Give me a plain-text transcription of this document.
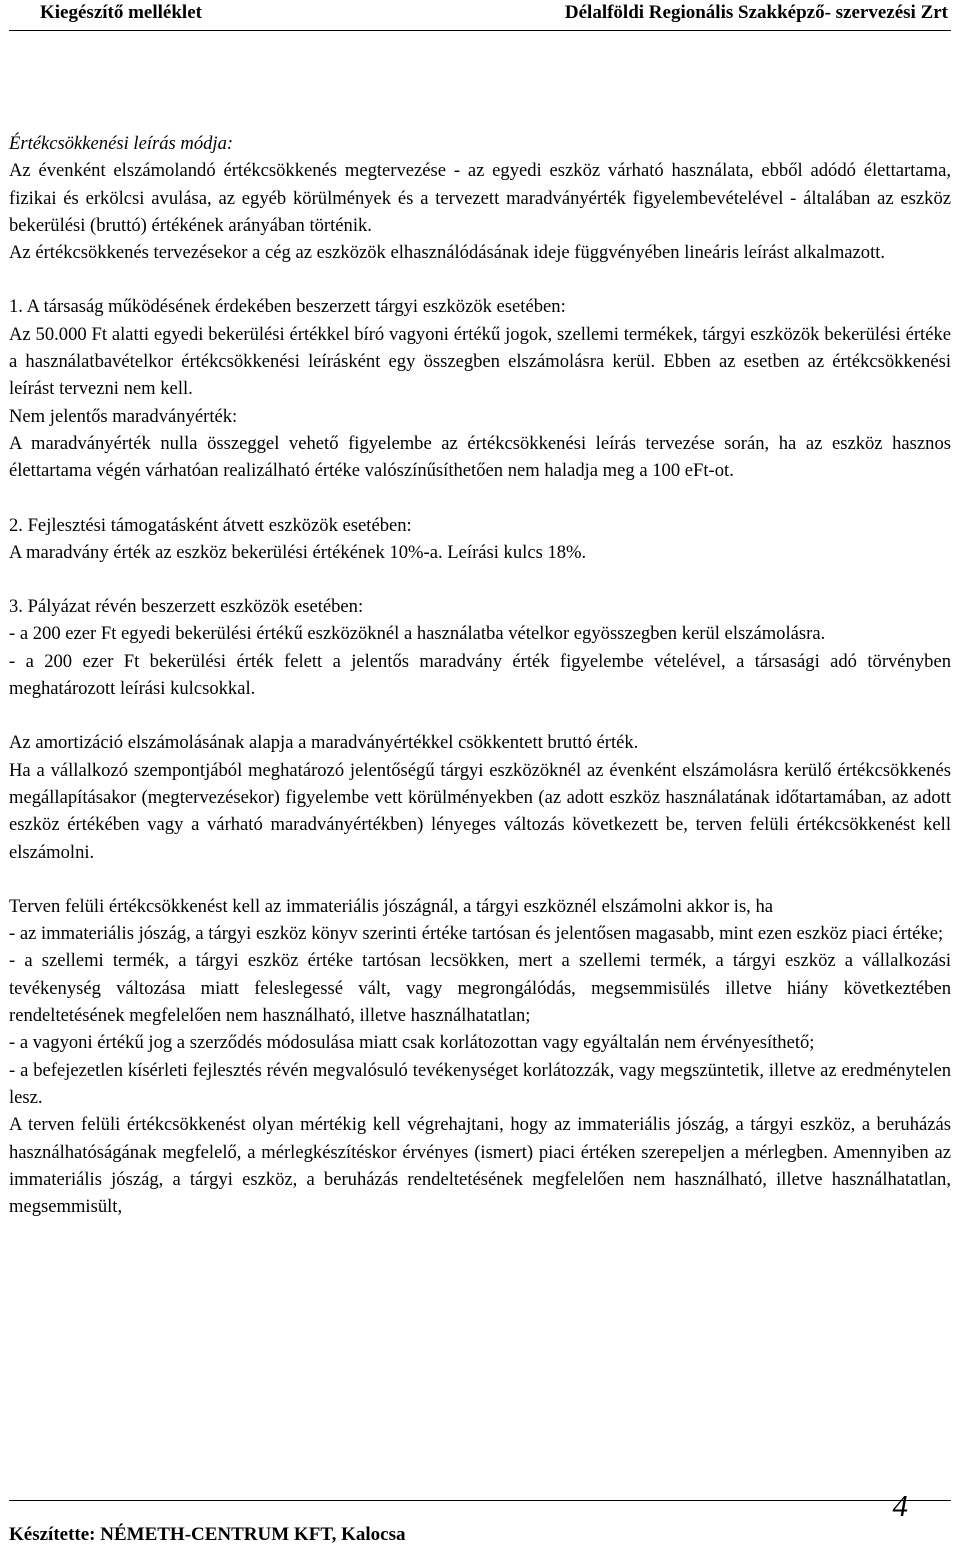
Kiegészítő melléklet	Délalföldi Regionális Szakképző- szervezési Zrt

Értékcsökkenési leírás módja:

Az évenként elszámolandó értékcsökkenés megtervezése - az egyedi eszköz várható használata, ebből adódó élettartama, fizikai és erkölcsi avulása, az egyéb körülmények és a tervezett maradványérték figyelembevételével - általában az eszköz bekerülési (bruttó) értékének arányában történik.

Az értékcsökkenés tervezésekor a cég az eszközök elhasználódásának ideje függvényében lineáris leírást alkalmazott.

1. A társaság működésének érdekében beszerzett tárgyi eszközök esetében:

Az 50.000 Ft alatti egyedi bekerülési értékkel bíró vagyoni értékű jogok, szellemi termékek, tárgyi eszközök bekerülési értéke a használatbavételkor értékcsökkenési leírásként egy összegben elszámolásra kerül. Ebben az esetben az értékcsökkenési leírást tervezni nem kell.

Nem jelentős maradványérték:

A maradványérték nulla összeggel vehető figyelembe az értékcsökkenési leírás tervezése során, ha az eszköz hasznos élettartama végén várhatóan realizálható értéke valószínűsíthetően nem haladja meg a 100 eFt-ot.

2. Fejlesztési támogatásként átvett eszközök esetében:

A maradvány érték az eszköz bekerülési értékének 10%-a. Leírási kulcs 18%.

3. Pályázat révén beszerzett eszközök esetében:

- a 200 ezer Ft egyedi bekerülési értékű eszközöknél a használatba vételkor egyösszegben kerül elszámolásra.

- a 200 ezer Ft bekerülési érték felett a jelentős maradvány érték figyelembe vételével, a társasági adó törvényben meghatározott leírási kulcsokkal.

Az amortizáció elszámolásának alapja a maradványértékkel csökkentett bruttó érték.

Ha a vállalkozó szempontjából meghatározó jelentőségű tárgyi eszközöknél az évenként elszámolásra kerülő értékcsökkenés megállapításakor (megtervezésekor) figyelembe vett körülményekben (az adott eszköz használatának időtartamában, az adott eszköz értékében vagy a várható maradványértékben) lényeges változás következett be, terven felüli értékcsökkenést kell elszámolni.

Terven felüli értékcsökkenést kell az immateriális jószágnál, a tárgyi eszköznél elszámolni akkor is, ha

- az immateriális jószág, a tárgyi eszköz könyv szerinti értéke tartósan és jelentősen magasabb, mint ezen eszköz piaci értéke;

- a szellemi termék, a tárgyi eszköz értéke tartósan lecsökken, mert a szellemi termék, a tárgyi eszköz a vállalkozási tevékenység változása miatt feleslegessé vált, vagy megrongálódás, megsemmisülés illetve hiány következtében rendeltetésének megfelelően nem használható, illetve használhatatlan;

- a vagyoni értékű jog a szerződés módosulása miatt csak korlátozottan vagy egyáltalán nem érvényesíthető;

- a befejezetlen kísérleti fejlesztés révén megvalósuló tevékenységet korlátozzák, vagy megszüntetik, illetve az eredménytelen lesz.

A terven felüli értékcsökkenést olyan mértékig kell végrehajtani, hogy az immateriális jószág, a tárgyi eszköz, a beruházás használhatóságának megfelelő, a mérlegkészítéskor érvényes (ismert) piaci értéken szerepeljen a mérlegben. Amennyiben az immateriális jószág, a tárgyi eszköz, a beruházás rendeltetésének megfelelően nem használható, illetve használhatatlan, megsemmisült,

Készítette: NÉMETH-CENTRUM KFT, Kalocsa
4
